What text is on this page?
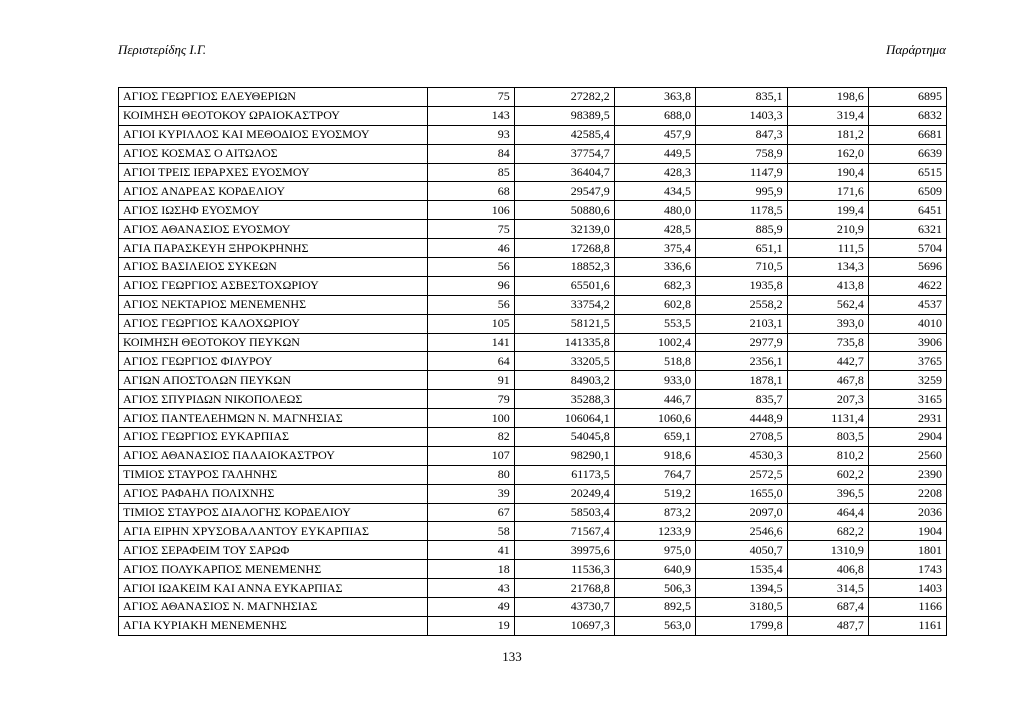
Περιστερίδης Ι.Γ.	Παράρτημα
ΑΓΙΟΣ ΓΕΩΡΓΙΟΣ ΕΛΕΥΘΕΡΙΩΝ	75	27282,2	363,8	835,1	198,6	6895
ΚΟΙΜΗΣΗ ΘΕΟΤΟΚΟΥ ΩΡΑΙΟΚΑΣΤΡΟΥ	143	98389,5	688,0	1403,3	319,4	6832
ΑΓΙΟΙ ΚΥΡΙΛΛΟΣ ΚΑΙ ΜΕΘΟΔΙΟΣ ΕΥΟΣΜΟΥ	93	42585,4	457,9	847,3	181,2	6681
ΑΓΙΟΣ ΚΟΣΜΑΣ Ο ΑΙΤΩΛΟΣ	84	37754,7	449,5	758,9	162,0	6639
ΑΓΙΟΙ ΤΡΕΙΣ ΙΕΡΑΡΧΕΣ ΕΥΟΣΜΟΥ	85	36404,7	428,3	1147,9	190,4	6515
ΑΓΙΟΣ ΑΝΔΡΕΑΣ ΚΟΡΔΕΛΙΟΥ	68	29547,9	434,5	995,9	171,6	6509
ΑΓΙΟΣ ΙΩΣΗΦ ΕΥΟΣΜΟΥ	106	50880,6	480,0	1178,5	199,4	6451
ΑΓΙΟΣ ΑΘΑΝΑΣΙΟΣ ΕΥΟΣΜΟΥ	75	32139,0	428,5	885,9	210,9	6321
ΑΓΙΑ ΠΑΡΑΣΚΕΥΗ ΞΗΡΟΚΡΗΝΗΣ	46	17268,8	375,4	651,1	111,5	5704
ΑΓΙΟΣ ΒΑΣΙΛΕΙΟΣ ΣΥΚΕΩΝ	56	18852,3	336,6	710,5	134,3	5696
ΑΓΙΟΣ ΓΕΩΡΓΙΟΣ ΑΣΒΕΣΤΟΧΩΡΙΟΥ	96	65501,6	682,3	1935,8	413,8	4622
ΑΓΙΟΣ ΝΕΚΤΑΡΙΟΣ ΜΕΝΕΜΕΝΗΣ	56	33754,2	602,8	2558,2	562,4	4537
ΑΓΙΟΣ ΓΕΩΡΓΙΟΣ ΚΑΛΟΧΩΡΙΟΥ	105	58121,5	553,5	2103,1	393,0	4010
ΚΟΙΜΗΣΗ ΘΕΟΤΟΚΟΥ ΠΕΥΚΩΝ	141	141335,8	1002,4	2977,9	735,8	3906
ΑΓΙΟΣ ΓΕΩΡΓΙΟΣ ΦΙΛΥΡΟΥ	64	33205,5	518,8	2356,1	442,7	3765
ΑΓΙΩΝ ΑΠΟΣΤΟΛΩΝ ΠΕΥΚΩΝ	91	84903,2	933,0	1878,1	467,8	3259
ΑΓΙΟΣ ΣΠΥΡΙΔΩΝ ΝΙΚΟΠΟΛΕΩΣ	79	35288,3	446,7	835,7	207,3	3165
ΑΓΙΟΣ ΠΑΝΤΕΛΕΗΜΩΝ Ν. ΜΑΓΝΗΣΙΑΣ	100	106064,1	1060,6	4448,9	1131,4	2931
ΑΓΙΟΣ ΓΕΩΡΓΙΟΣ ΕΥΚΑΡΠΙΑΣ	82	54045,8	659,1	2708,5	803,5	2904
ΑΓΙΟΣ ΑΘΑΝΑΣΙΟΣ ΠΑΛΑΙΟΚΑΣΤΡΟΥ	107	98290,1	918,6	4530,3	810,2	2560
ΤΙΜΙΟΣ ΣΤΑΥΡΟΣ ΓΑΛΗΝΗΣ	80	61173,5	764,7	2572,5	602,2	2390
ΑΓΙΟΣ ΡΑΦΑΗΛ ΠΟΛΙΧΝΗΣ	39	20249,4	519,2	1655,0	396,5	2208
ΤΙΜΙΟΣ ΣΤΑΥΡΟΣ ΔΙΑΛΟΓΗΣ ΚΟΡΔΕΛΙΟΥ	67	58503,4	873,2	2097,0	464,4	2036
ΑΓΙΑ ΕΙΡΗΝ ΧΡΥΣΟΒΑΛΑΝΤΟΥ ΕΥΚΑΡΠΙΑΣ	58	71567,4	1233,9	2546,6	682,2	1904
ΑΓΙΟΣ ΣΕΡΑΦΕΙΜ ΤΟΥ ΣΑΡΩΦ	41	39975,6	975,0	4050,7	1310,9	1801
ΑΓΙΟΣ ΠΟΛΥΚΑΡΠΟΣ ΜΕΝΕΜΕΝΗΣ	18	11536,3	640,9	1535,4	406,8	1743
ΑΓΙΟΙ ΙΩΑΚΕΙΜ ΚΑΙ ΑΝΝΑ ΕΥΚΑΡΠΙΑΣ	43	21768,8	506,3	1394,5	314,5	1403
ΑΓΙΟΣ ΑΘΑΝΑΣΙΟΣ Ν. ΜΑΓΝΗΣΙΑΣ	49	43730,7	892,5	3180,5	687,4	1166
ΑΓΙΑ ΚΥΡΙΑΚΗ ΜΕΝΕΜΕΝΗΣ	19	10697,3	563,0	1799,8	487,7	1161
133
